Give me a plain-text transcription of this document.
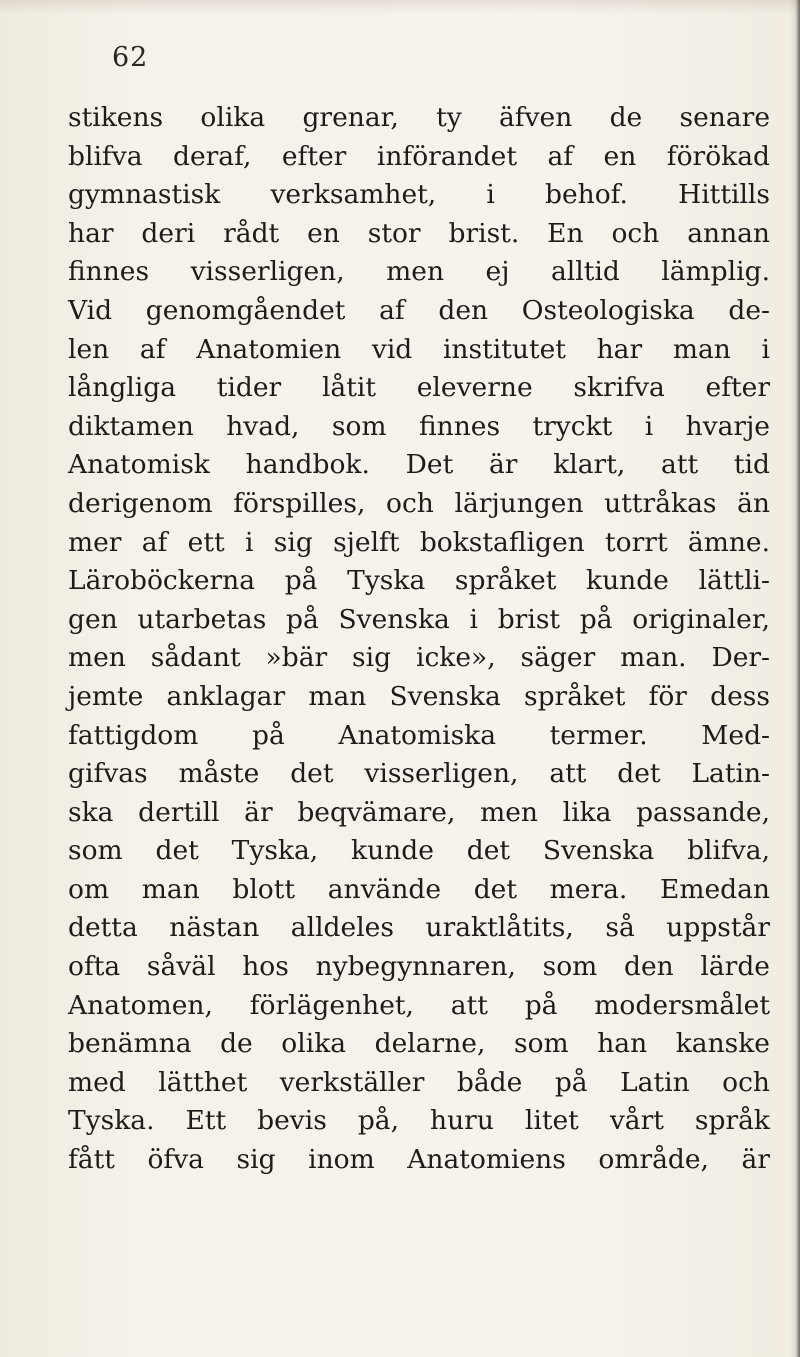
62
stikens olika grenar, ty äfven de senare
blifva deraf, efter införandet af en förökad
gymnastisk verksamhet, i behof. Hittills
har deri rådt en stor brist. En och annan
finnes visserligen, men ej alltid lämplig.
Vid genomgåendet af den Osteologiska de-
len af Anatomien vid institutet har man i
långliga tider låtit eleverne skrifva efter
diktamen hvad, som finnes tryckt i hvarje
Anatomisk handbok. Det är klart, att tid
derigenom förspilles, och lärjungen uttråkas än
mer af ett i sig sjelft bokstafligen torrt ämne.
Läroböckerna på Tyska språket kunde lättli-
gen utarbetas på Svenska i brist på originaler,
men sådant »bär sig icke», säger man. Der-
jemte anklagar man Svenska språket för dess
fattigdom på Anatomiska termer. Med-
gifvas måste det visserligen, att det Latin-
ska dertill är beqvämare, men lika passande,
som det Tyska, kunde det Svenska blifva,
om man blott använde det mera. Emedan
detta nästan alldeles uraktlåtits, så uppstår
ofta såväl hos nybegynnaren, som den lärde
Anatomen, förlägenhet, att på modersmålet
benämna de olika delarne, som han kanske
med lätthet verkställer både på Latin och
Tyska. Ett bevis på, huru litet vårt språk
fått öfva sig inom Anatomiens område, är
